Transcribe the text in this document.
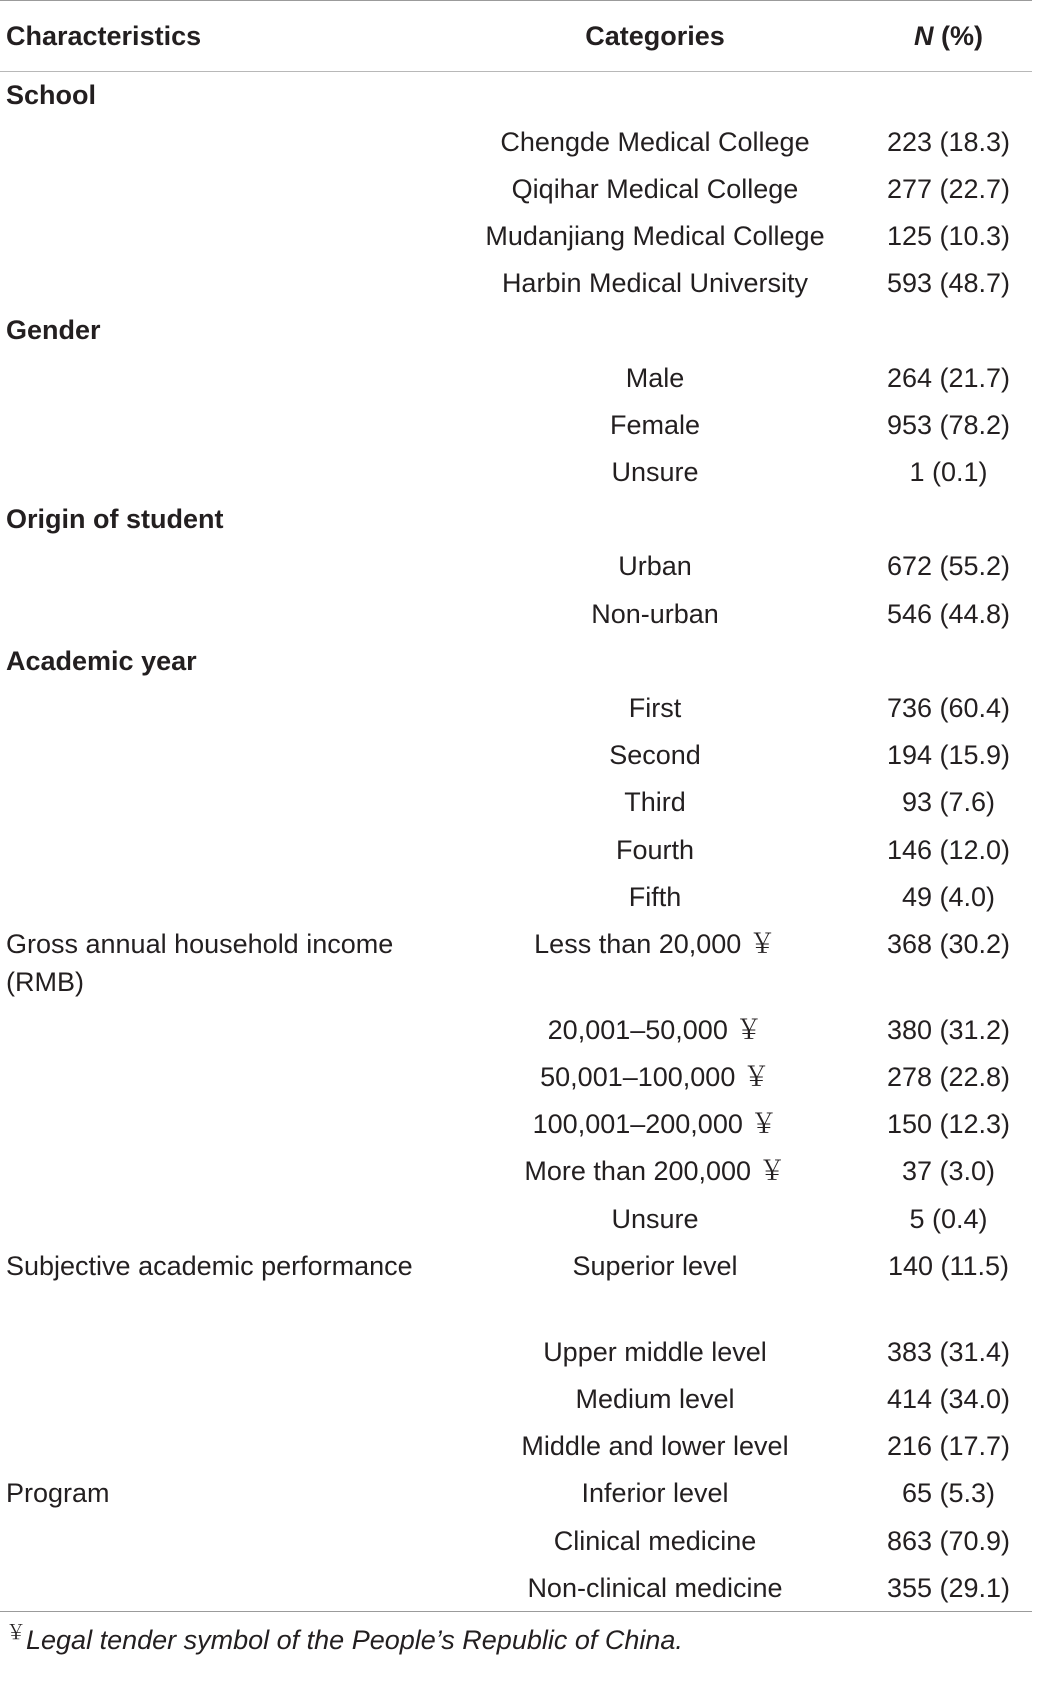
Characteristics	Categories	N (%)
School		
	Chengde Medical College	223 (18.3)
	Qiqihar Medical College	277 (22.7)
	Mudanjiang Medical College	125 (10.3)
	Harbin Medical University	593 (48.7)
Gender		
	Male	264 (21.7)
	Female	953 (78.2)
	Unsure	1 (0.1)
Origin of student		
	Urban	672 (55.2)
	Non-urban	546 (44.8)
Academic year		
	First	736 (60.4)
	Second	194 (15.9)
	Third	93 (7.6)
	Fourth	146 (12.0)
	Fifth	49 (4.0)
Gross annual household income (RMB)	Less than 20,000 ￥	368 (30.2)
	20,001–50,000 ￥	380 (31.2)
	50,001–100,000 ￥	278 (22.8)
	100,001–200,000 ￥	150 (12.3)
	More than 200,000 ￥	37 (3.0)
	Unsure	5 (0.4)
Subjective academic performance	Superior level	140 (11.5)
	Upper middle level	383 (31.4)
	Medium level	414 (34.0)
	Middle and lower level	216 (17.7)
Program	Inferior level	65 (5.3)
	Clinical medicine	863 (70.9)
	Non-clinical medicine	355 (29.1)
￥Legal tender symbol of the People’s Republic of China.
